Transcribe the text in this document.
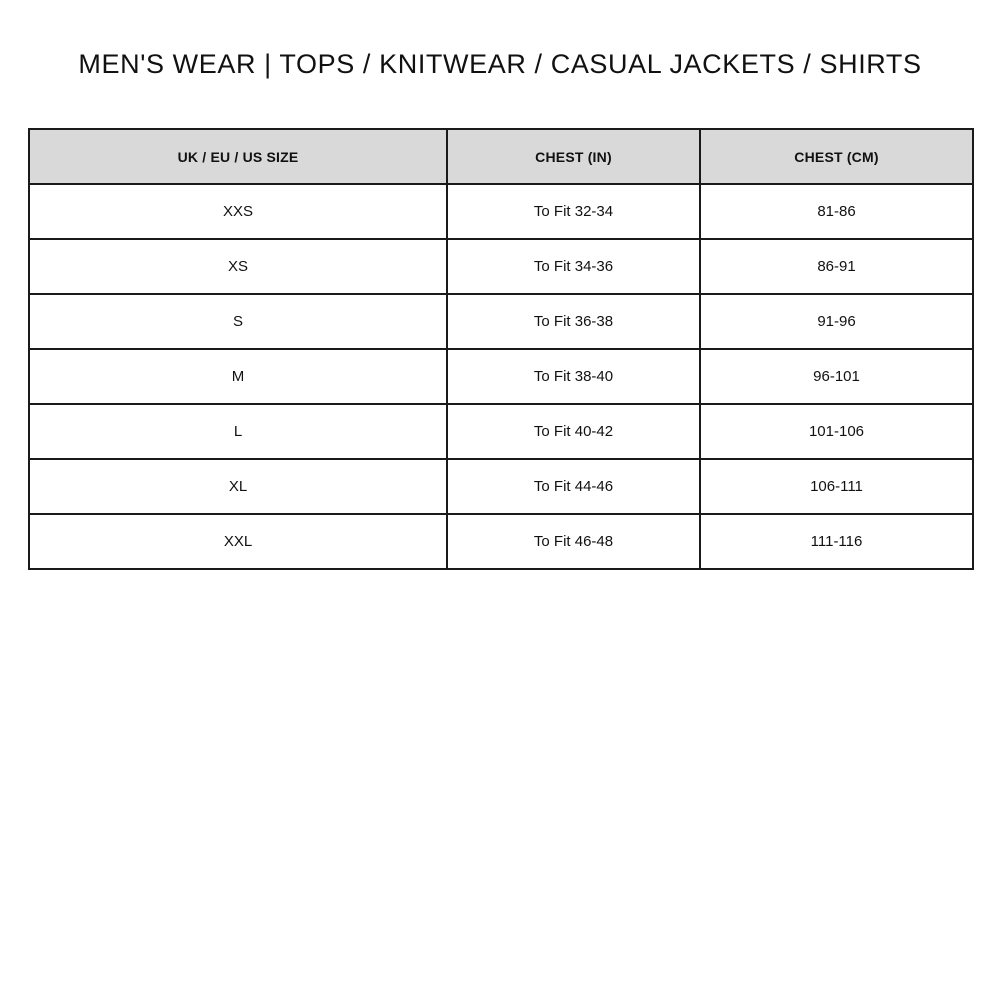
MEN'S WEAR | TOPS / KNITWEAR / CASUAL JACKETS / SHIRTS
UK / EU / US SIZE	CHEST (IN)	CHEST (CM)
XXS	To Fit 32-34	81-86
XS	To Fit 34-36	86-91
S	To Fit 36-38	91-96
M	To Fit 38-40	96-101
L	To Fit 40-42	101-106
XL	To Fit 44-46	106-111
XXL	To Fit 46-48	111-116
